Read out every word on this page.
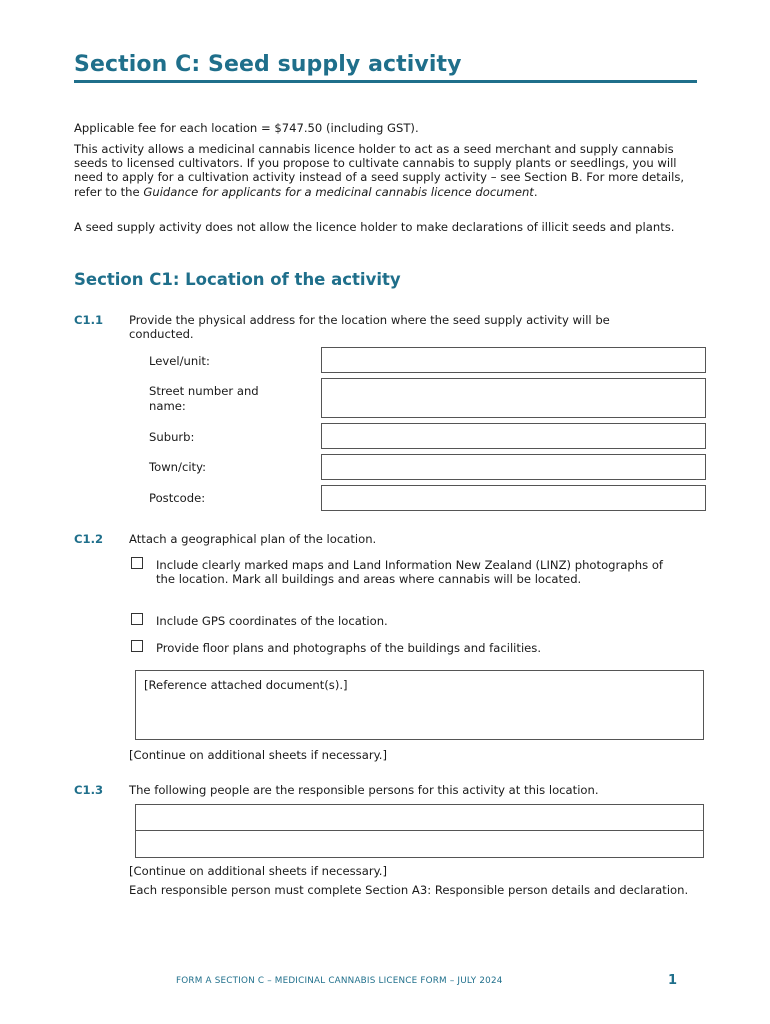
Section C: Seed supply activity
Applicable fee for each location = $747.50 (including GST).
This activity allows a medicinal cannabis licence holder to act as a seed merchant and supply cannabis seeds to licensed cultivators. If you propose to cultivate cannabis to supply plants or seedlings, you will need to apply for a cultivation activity instead of a seed supply activity – see Section B. For more details, refer to the Guidance for applicants for a medicinal cannabis licence document.
A seed supply activity does not allow the licence holder to make declarations of illicit seeds and plants.
Section C1: Location of the activity
C1.1 Provide the physical address for the location where the seed supply activity will be conducted.
Level/unit:
Street number and name:
Suburb:
Town/city:
Postcode:
C1.2 Attach a geographical plan of the location.
Include clearly marked maps and Land Information New Zealand (LINZ) photographs of the location. Mark all buildings and areas where cannabis will be located.
Include GPS coordinates of the location.
Provide floor plans and photographs of the buildings and facilities.
[Reference attached document(s).]
[Continue on additional sheets if necessary.]
C1.3 The following people are the responsible persons for this activity at this location.
[Continue on additional sheets if necessary.]
Each responsible person must complete Section A3: Responsible person details and declaration.
FORM A SECTION C – MEDICINAL CANNABIS LICENCE FORM – JULY 2024	1
